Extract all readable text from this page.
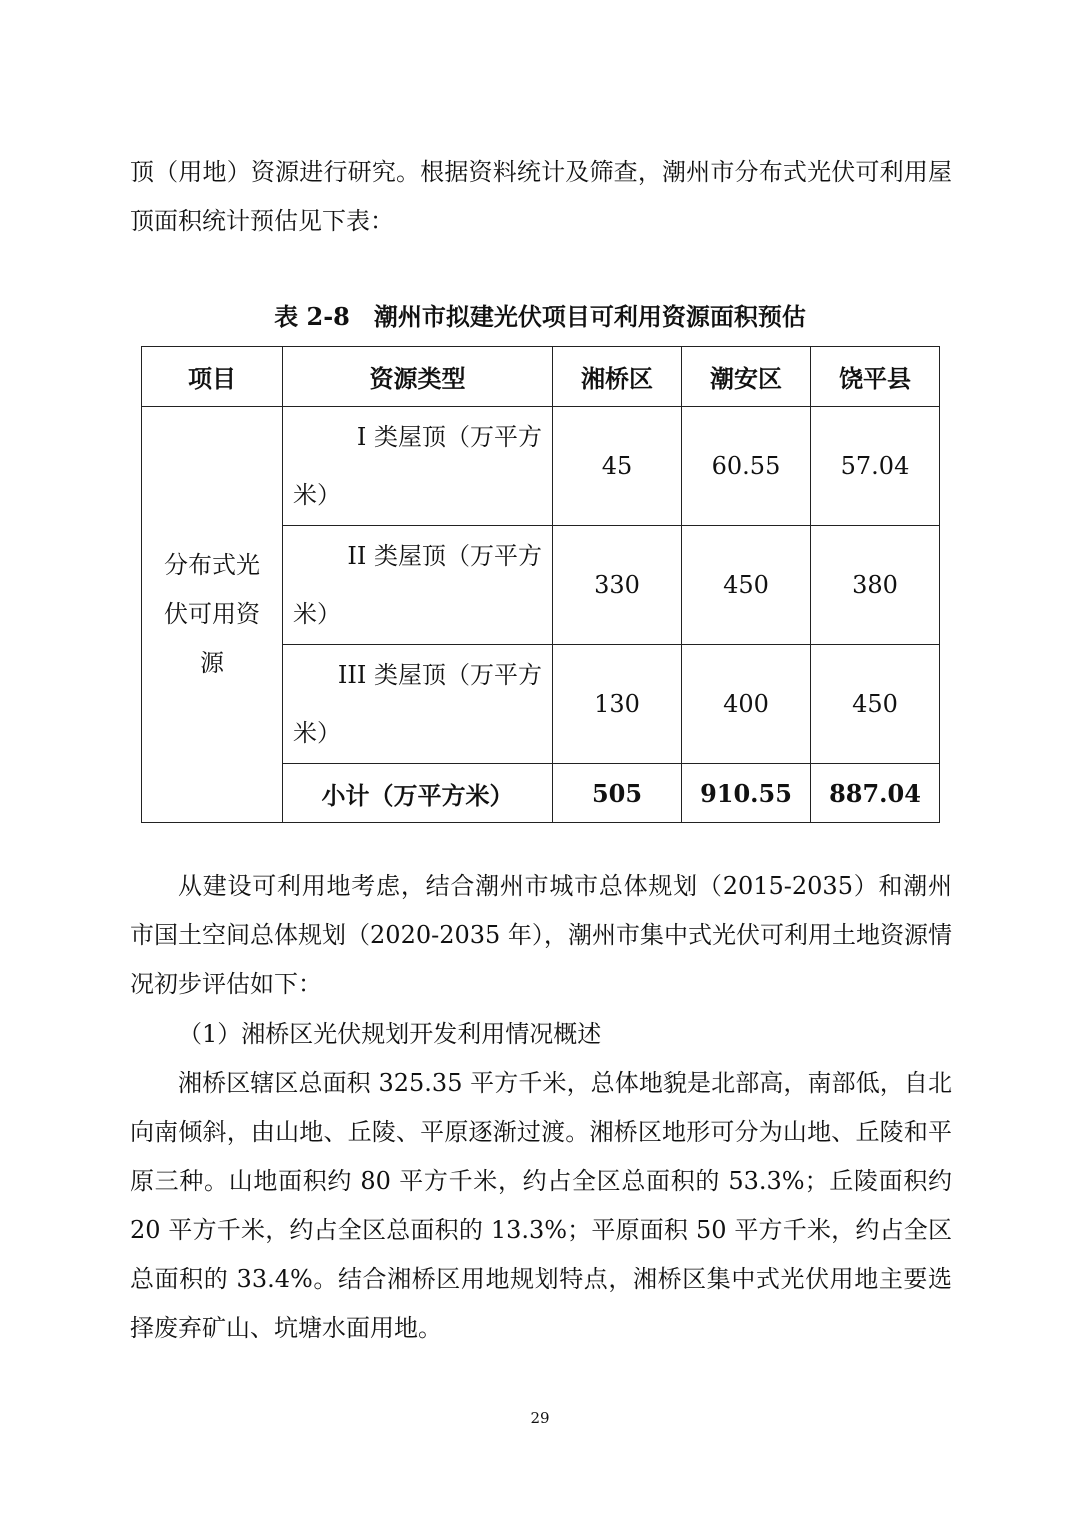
顶（用地）资源进行研究。根据资料统计及筛查，潮州市分布式光伏可利用屋顶面积统计预估见下表：

表 2-8　潮州市拟建光伏项目可利用资源面积预估

项目	资源类型	湘桥区	潮安区	饶平县
分布式光伏可用资源	I 类屋顶（万平方
米）	45	60.55	57.04

	II 类屋顶（万平方
米）	330	450	380

	III 类屋顶（万平方
米）	130	400	450
	小计（万平方米）	505	910.55	887.04

从建设可利用地考虑，结合潮州市城市总体规划（2015-2035）和潮州市国土空间总体规划（2020-2035 年），潮州市集中式光伏可利用土地资源情况初步评估如下：

（1）湘桥区光伏规划开发利用情况概述

湘桥区辖区总面积 325.35 平方千米，总体地貌是北部高，南部低，自北向南倾斜，由山地、丘陵、平原逐渐过渡。湘桥区地形可分为山地、丘陵和平原三种。山地面积约 80 平方千米，约占全区总面积的 53.3%；丘陵面积约 20 平方千米，约占全区总面积的 13.3%；平原面积 50 平方千米，约占全区总面积的 33.4%。结合湘桥区用地规划特点，湘桥区集中式光伏用地主要选择废弃矿山、坑塘水面用地。

29
